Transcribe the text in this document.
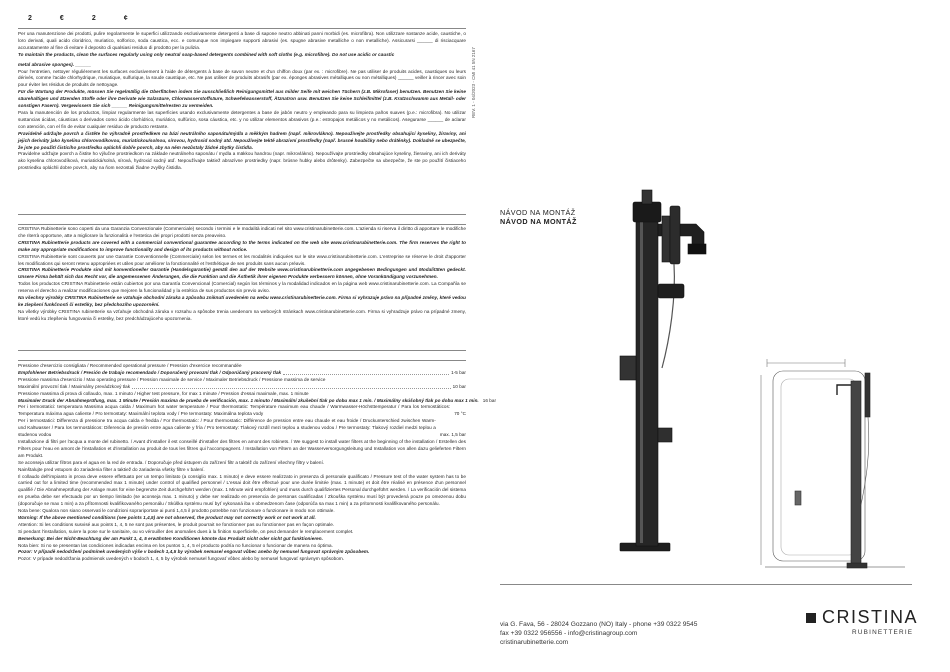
2	€	2	¢
REV. 1 - 04/2023 - CMI 41 5N 2167

Per una manutenzione dei prodotti, pulire regolarmente le superfici utilizzando esclusivamente detergenti a base di sapone neutro abbinati panni morbidi (es. microfibra). Non utilizzare sostanze acide, caustiche, o loro derivati, quali acido cloridrico, muriatico, solforico, soda caustica, ecc. e comunque non impiegare supporti abrasivi (es. spugne abrasive metalliche o non metalliche). Assicurarsi ______ di risciacquare accuratamente al fine di evitare il deposito di qualsiasi residuo di prodotto per la pulizia.

To maintain the products, clean the surfaces regularly using only neutral soap-based detergents combined with soft cloths (e.g. microfibre). Do not use acidic or caustic

metal abrasive sponges). ______

Pour l'entretien, nettoyer régulièrement les surfaces exclusivement à l'aide de détergents à base de savon neutre et d'un chiffon doux (par ex. : microfibre). Ne pas utiliser de produits acides, caustiques ou leurs dérivés, comme l'acide chlorhydrique, muriatique, sulfurique, la soude caustique, etc. Ne pas utiliser de produits abrasifs (par ex. éponges abrasives métalliques ou non métalliques) ______ veiller à rincer avec soin pour éviter les résidus de produits de nettoyage.

Für die Wartung der Produkte, müssen Sie regelmäßig die Oberflächen indem Sie ausschließlich Reinigungsmittel aus milder Seife mit weichen Tüchern (z.B. Mikrofaser) benutzen. Benutzen Sie keine säurehaltigen und ätzenden Stoffe oder ihre Derivate wie Salzsäure, Chlorwasserstoffsäure, Schwefelwasserstoff, Ätznatron usw. Benutzen Sie keine Schleifmittel (z.B. Kratzschwamm aus Metall- oder sonstigen Fasern). Vergewissern Sie sich ______ Reinigungsmittelresten zu vermeiden.

Para la manutención de los productos, limpiar regularmente las superficies usando exclusivamente detergentes a base de jabón neutro y empleando para su limpieza paños suaves (p.e.: microfibra). No utilizar sustancias ácidas, cáusticas o derivados como ácido clorhídrico, muriático, sulfúrico, sosa cáustica, etc. y no utilizar elementos abrasivos (p.e.: estropajos metálicos y no metálicos). Asegurarse ______ de aclarar con atención, con el fin de evitar cualquier residuo de producto restante.

Pravidelně udržujte povrch a čistěte ho výhradně prostředkem na bázi neutrálního saponátu/mýdla a měkkým hadrem (např. mikrovlákno). Nepoužívejte prostředky obsahující kyseliny, žíraviny, ani jejich deriváty jako kyselinu chlorovodíkovou, muriatickou/solnou, sírovou, hydroxid sodný atd. Nepoužívejte tektě abrazivní prostředky (např. brusné houbičky nebo drátěnky). Dokladně se ubezpečte, že jste po použití čisticího prostředku opláchli dobře povrch, aby na něm nezůstaly žádné zbytky čistidla.

Pravidelne udržujte povrch a čistite ho výlučne prostriedkom na základe neutrálneho saponátu / mydla a mäkkou handrou (napr. mikrovlákno). Nepoužívajte prostriedky obsahujúce kyseliny, žieraviny, ani ich deriváty ako kyselina chlorovodíková, muriatická/solná, sírová, hydroxid sodný atď. Nepoužívajte taktiež abrazívne prostriedky (napr. brúsne hubky alebo drôtenky). Zabezpečte sa ubezpečte, že ste po použití čistiaceho prostriedku opláchli dobre povrch, aby na ňom nezostali žiadne zvyšky čistidla.

CRISTINA Rubinetterie sono coperti da una Garanzia Convenzionale (Commerciale) secondo i termini e le modalità indicati nel sito www.cristinarubinetterie.com. L'azienda si riserva il diritto di apportare le modifiche che riterrà opportune, atte a migliorare la funzionalità e l'estetica dei propri prodotti senza preavviso.

CRISTINA Rubinetterie products are covered with a commercial conventional guarantee according to the terms indicated on the web site www.cristinarubinetterie.com. The firm reserves the right to make any appropriate modifications to improve functionality and design of its products without notice.

CRISTINA Rubinetterie sont couverts par une Garantie Conventionnelle (Commerciale) selon les termes et les modalités indiquées sur le site www.cristinarubinetterie.com. L'entreprise se réserve le droit d'apporter les modifications qui seront retenu appropriées et utiles pour améliorer la fonctionnalité et l'esthétique de ses produits sans aucun préavis.

CRISTINA Rubinetterie Produkte sind mit konventioneller Garantie (Handelsgarantie) gemäß den auf der Website www.cristinarubinetterie.com angegebenen Bedingungen und Modalitäten gedeckt. Unsere Firma behält sich das Recht vor, die angemessenen Änderungen, die die Funktion und die Ästhetik ihrer eigenen Produkte verbessern können, ohne Vorankündigung vorzunehmen.

Todos los productos CRISTINA Rubinetterie están cubiertos por una Garantía Convencional (Comercial) según los términos y la modalidad indicados en la página web www.cristinarubinetterie.com. La Compañía se reserva el derecho a realizar modificaciones que mejoren la funcionalidad y la estética de sus productos sin previo aviso.

Na všechny výrobky CRISTINA Rubinetterie se vztahuje obchodní záruka a způsobu zniknutí uvedeném na webu www.cristinarubinetterie.com. Firma si vyhrazuje právo na případné změny, které vedou ke zlepšení funkčnosti či estetiky, bez předchozího upozornění.

Na všetky výrobky CRISTINA rubinetterie sa vzťahuje obchodná záruka v rozsahu a spôsobe trenia uvedenom na webových stránkach www.cristinarubinetterie.com. Firma si vyhradzuje právo na prípadné zmeny, ktoré vedú ku zlepšeniu fungovania či estetiky, bez predchádzajúceho upozornenia.

Pressione d'esercizio consigliata / Recommended operational pressure / Pression d'exercice recommandée
Empfohlener Betriebsdruck / Presión de trabajo recomendado / Doporučený provozní tlak / Odporúčaný pracovný tlak	1-5 bar
Pressione massima d'esercizio / Max operating pressure / Pression maximale de service / Maximaler Betriebsdruck / Pressione massima de service
Maximální provozní tlak / Maximálny prevádzkový tlak	10 bar
Pressione massima di prova di collaudo, max. 1 minuto / Higher test pressure, for max 1 minute / Pression d'essai maximale, max. 1 minute
Maximaler Druck der Abnahmeprüfung, max. 1 Minute / Presión maxima de prueba de verificación, max. 1 minuto / Maximální zkušební tlak po dobu max 1 min. / Maximálny skúšobný tlak po dobu max 1 min. 16 bar
Per i termostatici: temperatura Massima acqua calda / Maximum hot water temperature / Pour thermostatic: Température maximum eau chaude / Warmwasser-Höchsttemperatur / Para los termostáticos: Temperatura máxima agua caliente / Pro termostaty: Maximální teplota vody / Pre termostaty: Maximálna teplota vody	70 °C
Per i termostatici: Differenza di pressione tra acqua calda e fredda / For thermostatic: / Pour thermostatic: Différence de pression entre eau chaude et eau froide / Druckunterschied zwischen Warm- und Kaltwasser / Para los termostáticos: Diferencia de presión entre agua caliente y fría / Pro termostaty: Tlakový rozdíl mezi teplou a studenou vodou / Pre termostaty: Tlakový rozdiel medzi teplou a studenou vodou	max. 1,5 bar

Installazione di filtri per l'acqua a monte del rubinetto. / Avant d'installer il est conseillé d'installer des filtres en amont des robinets. / We suggest to install water filters at the beginning of the installation / Erstellen des Filters pour l'eau en amont de l'installation et d'installation au produit de tous les filtres qui l'accompagnent. / Installation von Filtern an der Wasserversorgungsleitung und Installation von allen dazu gelieferten Filtern am Produkt.

Se aconseja utilizar filtros para el agua en la red de entrada. / Doporučuje před ústupem do zařízení filtr a taktéž do zařízení všechny filtry v balení.

Nainštalujte pred vstupom do zariadenia filter a taktiež do zariadenia všetky filtre v balení.

Il collaudo dell'impianto in prova deve essere effettuato per un tempo limitato (a consiglio max. 1 minuto) e deve essere realizzato in presenza di personale qualificato / Pressure test of the water system has to be carried out for a limited time (recommended max 1 minute) under control of qualified personnel / L'essai doit être effectué pour une durée limitée (max. 1 minute) et doit être réalisé en présence d'un personnel qualifié / Die Abnahmeprüfung der Anlage muss für eine begrenzte Zeit durchgeführt werden (max. 1 Minute wird empfohlen) und muss durch qualifiziertes Personal durchgeführt werden. / La verificación del sistema en prueba debe ser efectuado por un tiempo limitado (se aconseja max. 1 minuto) y debe ser realizado en presencia de personas cualificadas / Zkouška systému musí být provedená pouze po omezenou dobu (doporučuje se max 1 min) a za přítomnosti kvalifikovaného personálu / Skúška systému musí byť vykonaná iba v obmedzenom čase (odporúča sa max 1 min) a za prítomnosti kvalifikovaného personálu.

Nota bene: Qualora non siano osservati le condizioni soprariportate ai punti 1,4,5 il prodotto potrebbe non funzionare o funzionare in modo non ottimale.

Warning: If the above mentioned conditions (see points 1,4,5) are not observed, the product may not correctly work or not work at all.

Attention: Si les conditions susvisé aux points 1, 4, 5 ne sont pas présentes, le produit pourrait ne fonctionner pas ou fonctionner pas en façon optimale.

Si pendant l'installation, suivre la pose sur le sanitaire, ou vo vérouiller des anomalies dues à la finition superficielle, on peut demander le remplacement complet.

Bemerkung: Bei der Nicht-Beachtung der am Punkt 1, 4, 5 erwähnten Konditionen könnte das Produkt nicht oder nicht gut funktionieren.

Nota bien: Si no se presentan las condiciones indicadas encima en los puntos 1, 4, 5 el producto podría no funcionar o funcionar de manera no óptima.

Pozor: V případě nedodržení podmínek uvedených výše v bodech 1,4,5 by výrobek nemusel engovat vůbec anebo by nemusel fungovat správným způsobem.

Pozor: V prípade nedodržania podmienok uvedených v bodoch 1, 4, 5 by výrobok nemusel fungovať vôbec alebo by nemusel fungovať správnym spôsobom.

NÁVOD NA MONTÁŽ
NÁVOD NA MONTÁŽ
via G. Fava, 56 - 28024 Gozzano (NO) Italy - phone +39 0322 9545
fax +39 0322 956556 - info@cristinagroup.com
cristinarubinetterie.com
CRISTINA
RUBINETTERIE
